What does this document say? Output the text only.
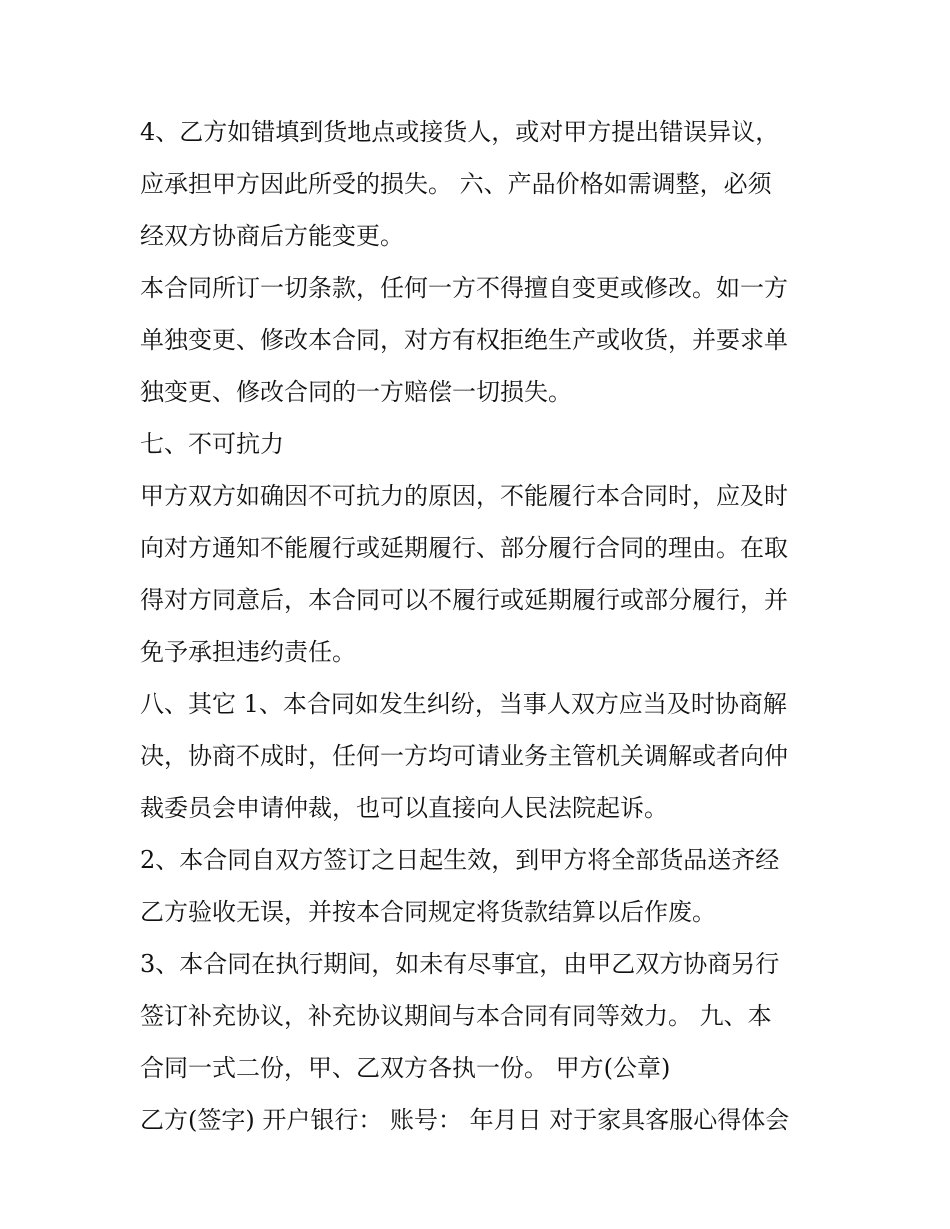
4、乙方如错填到货地点或接货人，或对甲方提出错误异议，
应承担甲方因此所受的损失。 六、产品价格如需调整，必须
经双方协商后方能变更。
本合同所订一切条款，任何一方不得擅自变更或修改。如一方
单独变更、修改本合同，对方有权拒绝生产或收货，并要求单
独变更、修改合同的一方赔偿一切损失。
七、不可抗力
甲方双方如确因不可抗力的原因，不能履行本合同时，应及时
向对方通知不能履行或延期履行、部分履行合同的理由。在取
得对方同意后，本合同可以不履行或延期履行或部分履行，并
免予承担违约责任。
八、其它 1、本合同如发生纠纷，当事人双方应当及时协商解
决，协商不成时，任何一方均可请业务主管机关调解或者向仲
裁委员会申请仲裁，也可以直接向人民法院起诉。
2、本合同自双方签订之日起生效，到甲方将全部货品送齐经
乙方验收无误，并按本合同规定将货款结算以后作废。
3、本合同在执行期间，如未有尽事宜，由甲乙双方协商另行
签订补充协议，补充协议期间与本合同有同等效力。 九、本
合同一式二份，甲、乙双方各执一份。 甲方(公章)
乙方(签字) 开户银行： 账号： 年月日 对于家具客服心得体会
